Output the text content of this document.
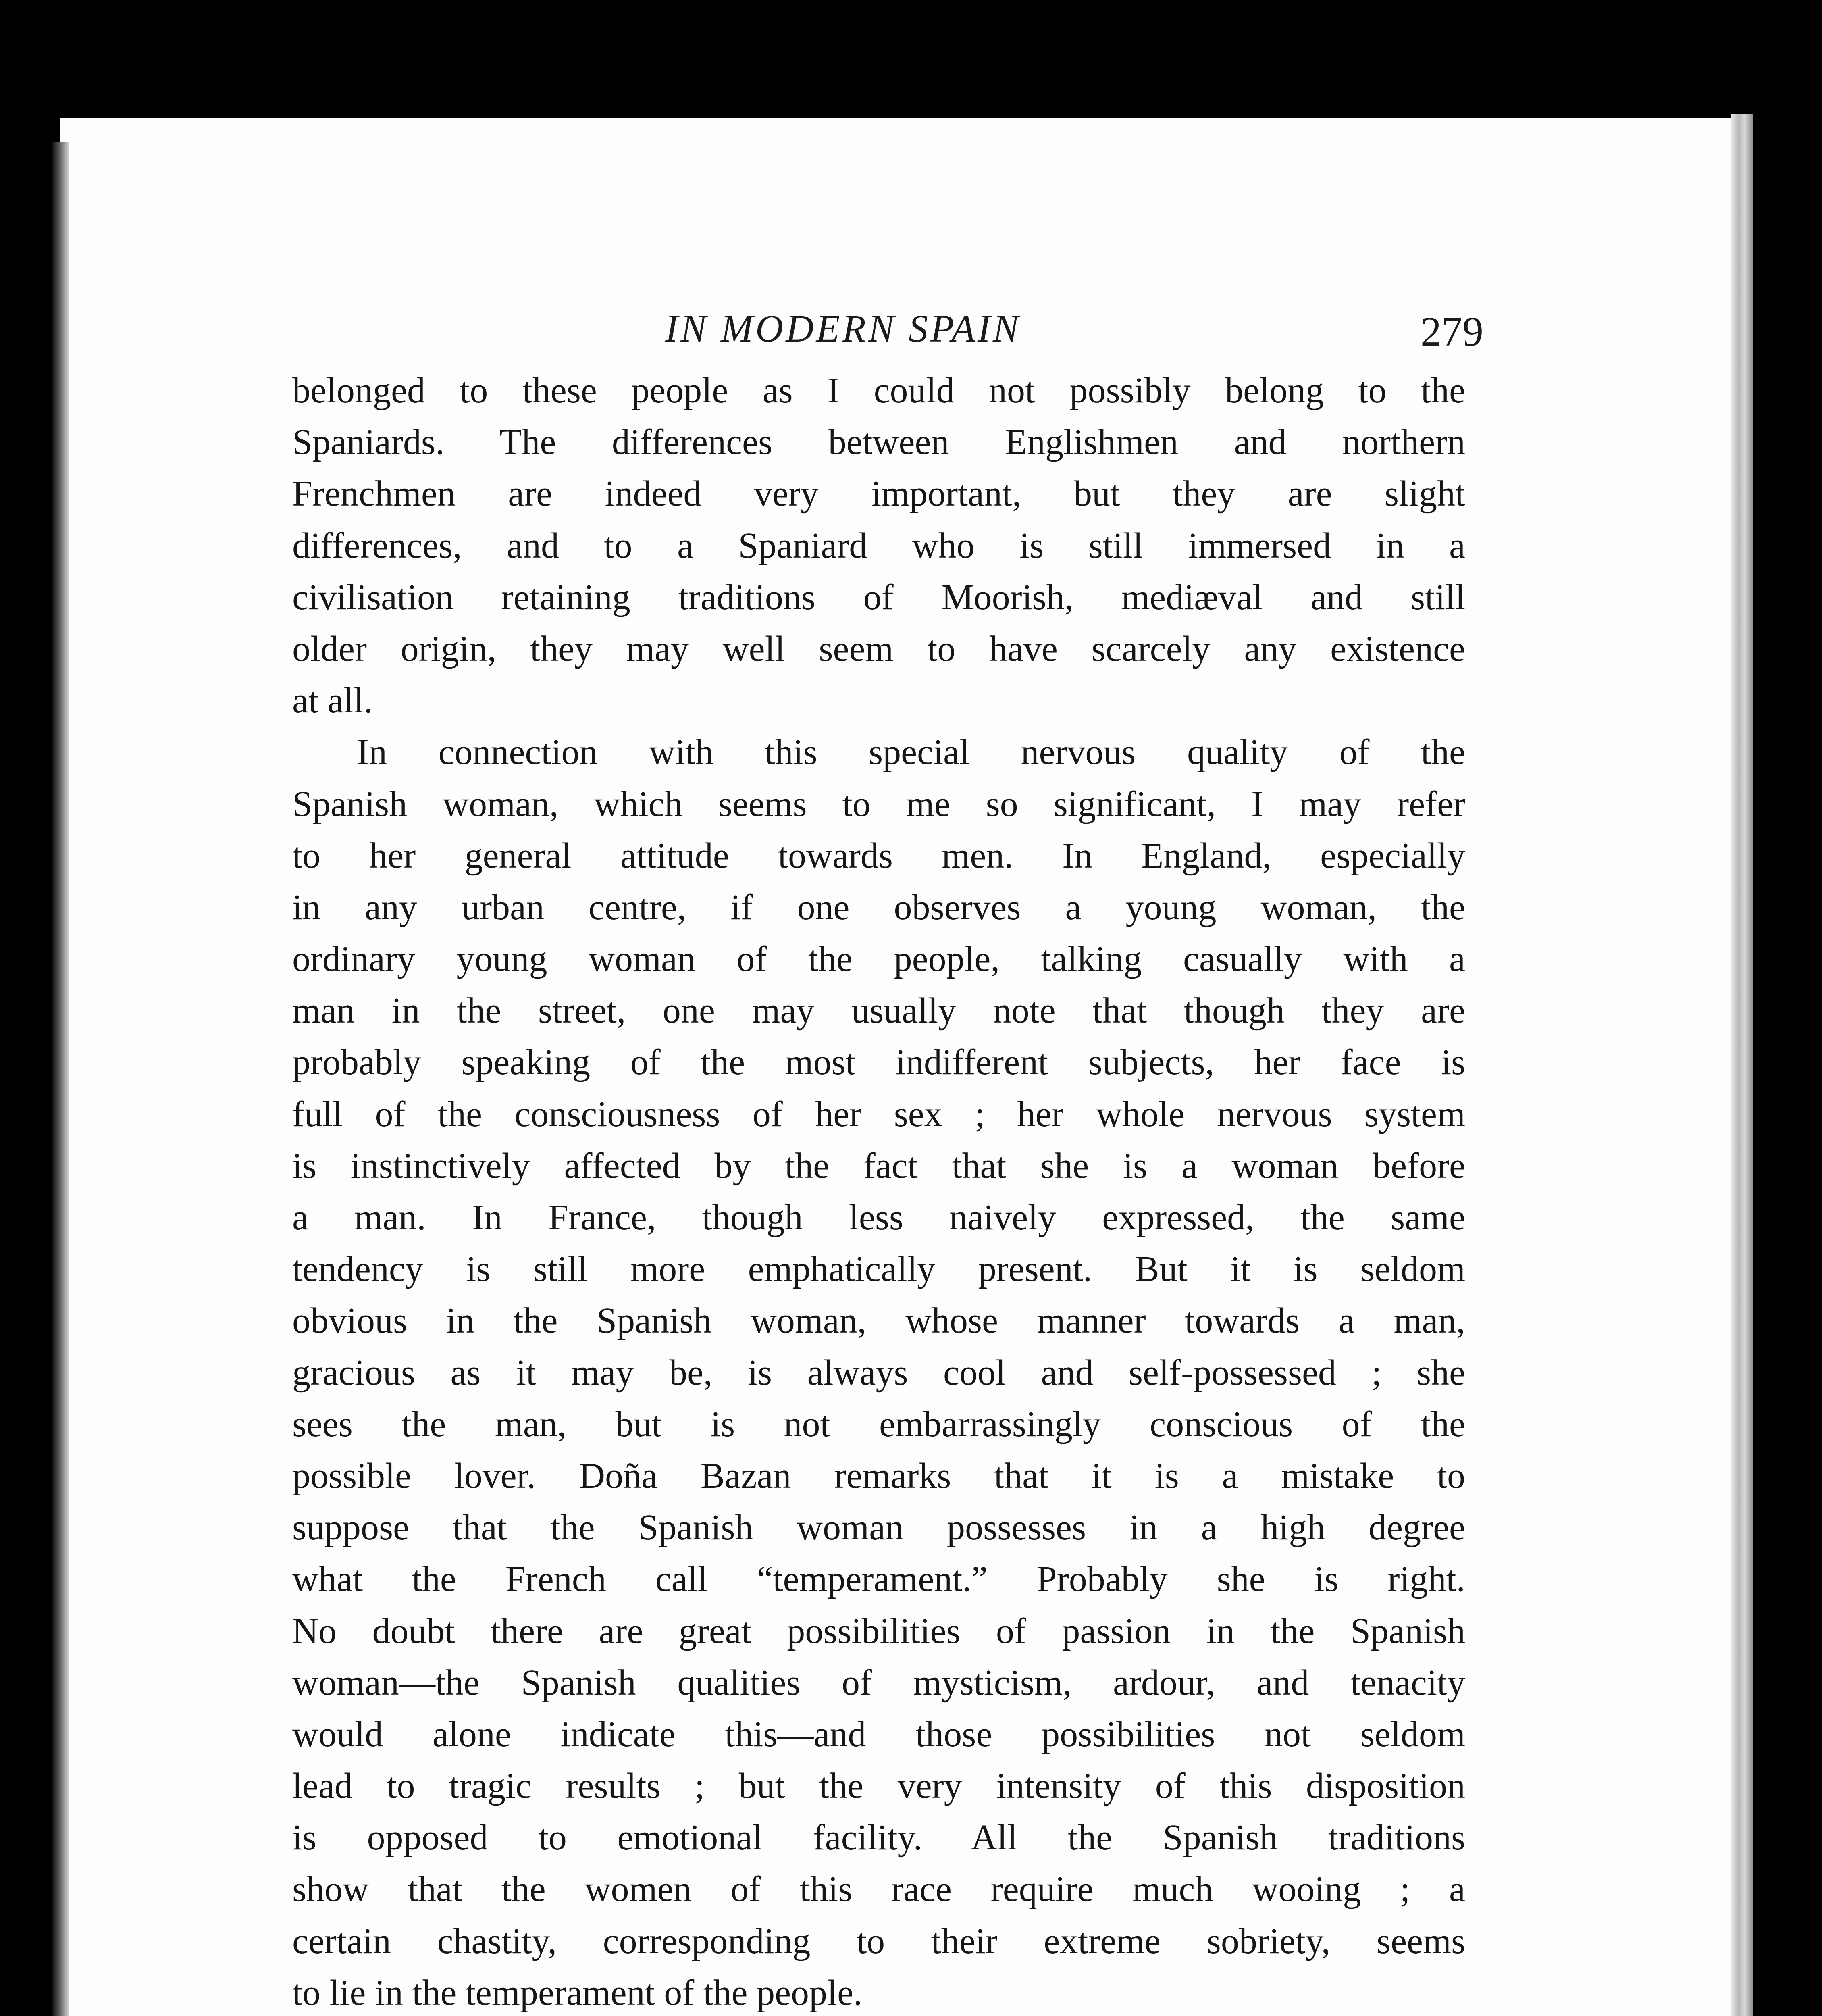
IN MODERN SPAIN	279
belonged to these people as I could not possibly belong to the
Spaniards. The differences between Englishmen and northern
Frenchmen are indeed very important, but they are slight
differences, and to a Spaniard who is still immersed in a
civilisation retaining traditions of Moorish, mediæval and still
older origin, they may well seem to have scarcely any existence
at all.
In connection with this special nervous quality of the
Spanish woman, which seems to me so significant, I may refer
to her general attitude towards men. In England, especially
in any urban centre, if one observes a young woman, the
ordinary young woman of the people, talking casually with a
man in the street, one may usually note that though they are
probably speaking of the most indifferent subjects, her face is
full of the consciousness of her sex ; her whole nervous system
is instinctively affected by the fact that she is a woman before
a man. In France, though less naively expressed, the same
tendency is still more emphatically present. But it is seldom
obvious in the Spanish woman, whose manner towards a man,
gracious as it may be, is always cool and self-possessed ; she
sees the man, but is not embarrassingly conscious of the
possible lover. Doña Bazan remarks that it is a mistake to
suppose that the Spanish woman possesses in a high degree
what the French call “temperament.” Probably she is right.
No doubt there are great possibilities of passion in the Spanish
woman—the Spanish qualities of mysticism, ardour, and tenacity
would alone indicate this—and those possibilities not seldom
lead to tragic results ; but the very intensity of this disposition
is opposed to emotional facility. All the Spanish traditions
show that the women of this race require much wooing ; a
certain chastity, corresponding to their extreme sobriety, seems
to lie in the temperament of the people.
